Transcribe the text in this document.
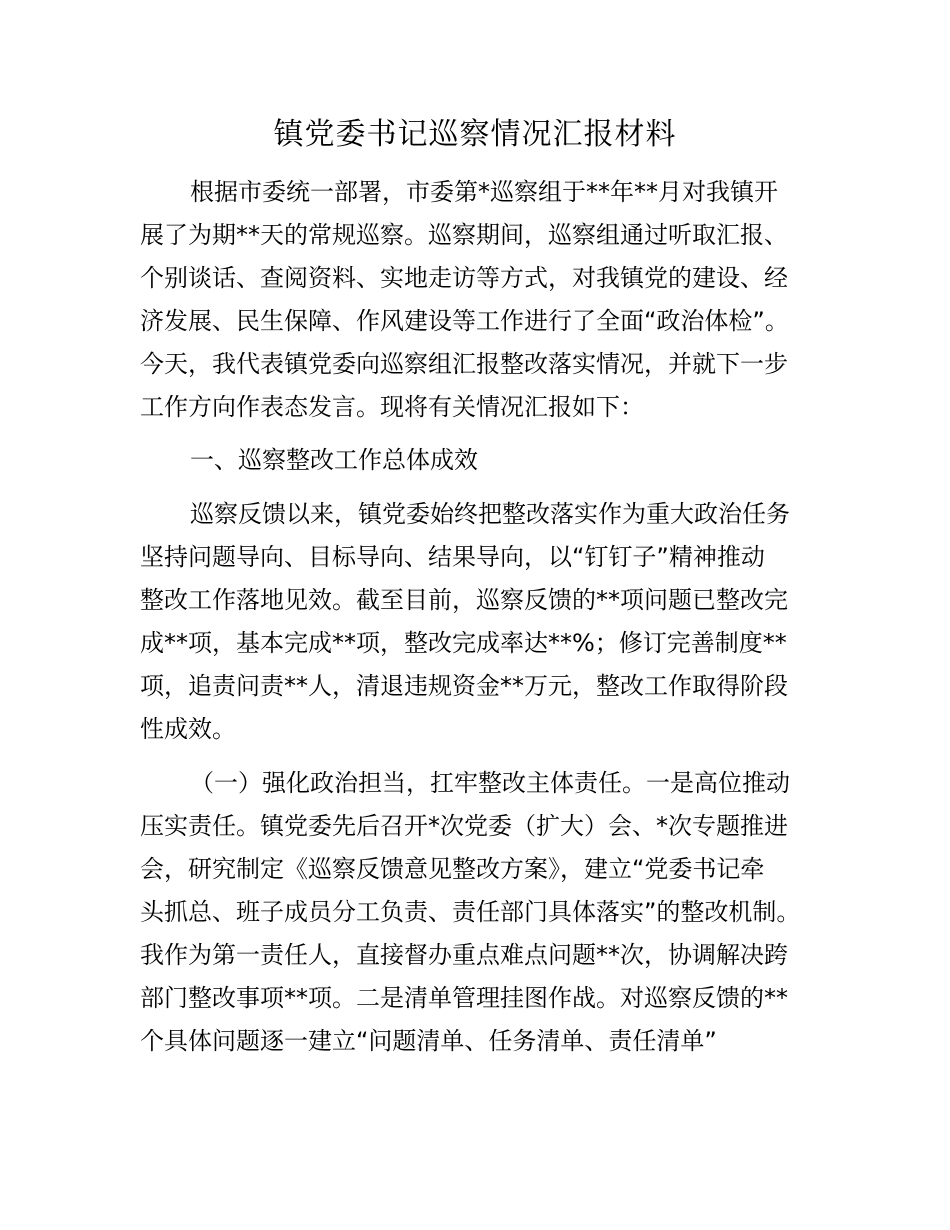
镇党委书记巡察情况汇报材料
根据市委统一部署，市委第*巡察组于**年**月对我镇开
展了为期**天的常规巡察。巡察期间，巡察组通过听取汇报、
个别谈话、查阅资料、实地走访等方式，对我镇党的建设、经
济发展、民生保障、作风建设等工作进行了全面“政治体检”。
今天，我代表镇党委向巡察组汇报整改落实情况，并就下一步
工作方向作表态发言。现将有关情况汇报如下：
一、巡察整改工作总体成效
巡察反馈以来，镇党委始终把整改落实作为重大政治任务
坚持问题导向、目标导向、结果导向，以“钉钉子”精神推动
整改工作落地见效。截至目前，巡察反馈的**项问题已整改完
成**项，基本完成**项，整改完成率达**%；修订完善制度**
项，追责问责**人，清退违规资金**万元，整改工作取得阶段
性成效。
（一）强化政治担当，扛牢整改主体责任。一是高位推动
压实责任。镇党委先后召开*次党委（扩大）会、*次专题推进
会，研究制定《巡察反馈意见整改方案》，建立“党委书记牵
头抓总、班子成员分工负责、责任部门具体落实”的整改机制。
我作为第一责任人，直接督办重点难点问题**次，协调解决跨
部门整改事项**项。二是清单管理挂图作战。对巡察反馈的**
个具体问题逐一建立“问题清单、任务清单、责任清单”
